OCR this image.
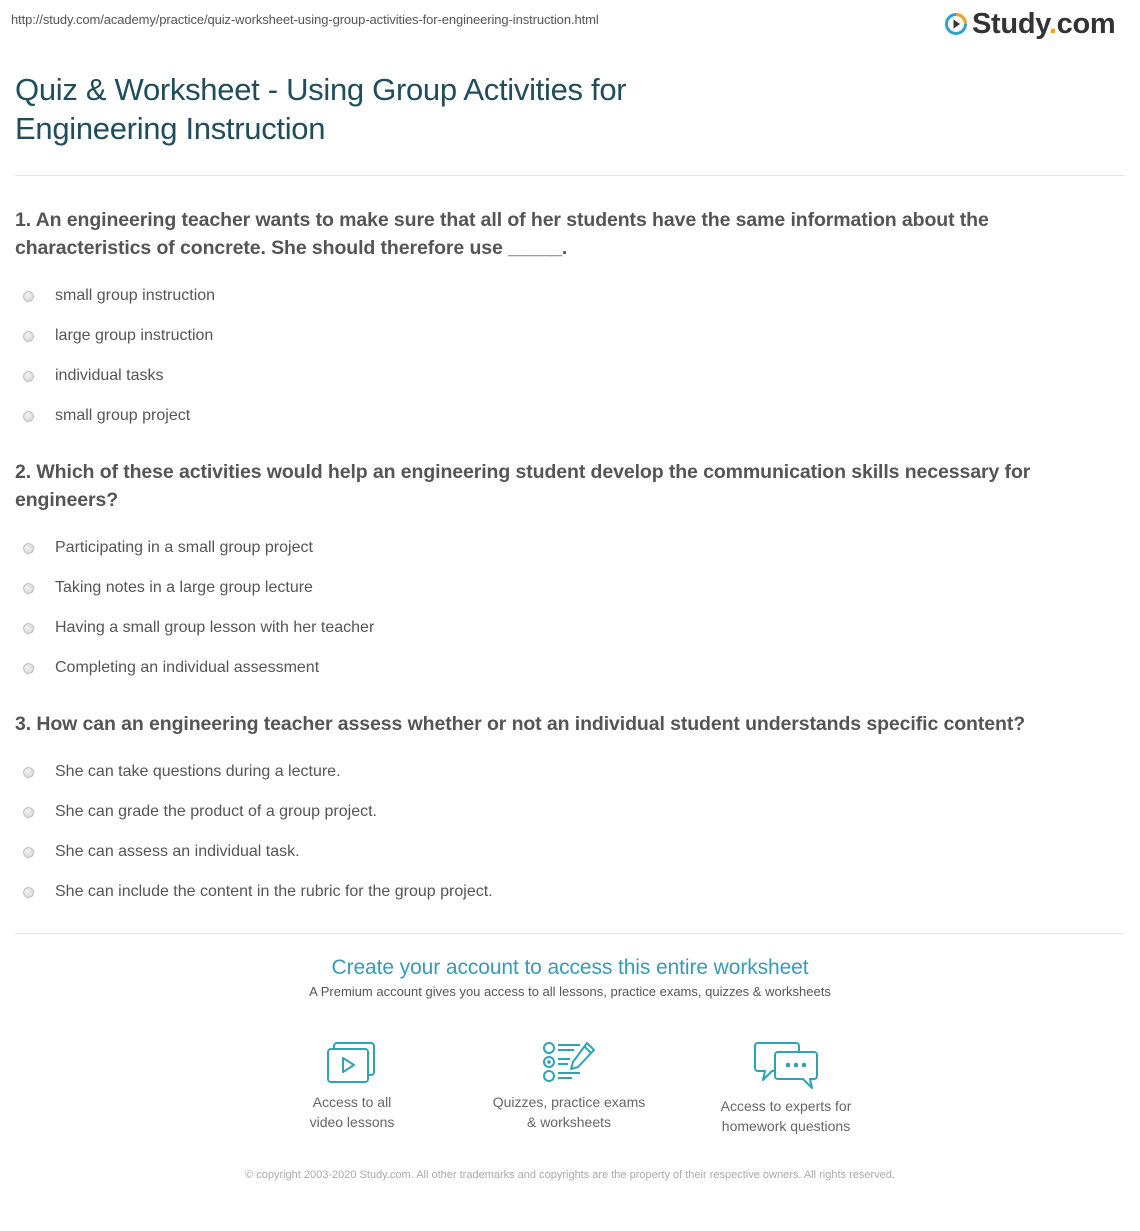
http://study.com/academy/practice/quiz-worksheet-using-group-activities-for-engineering-instruction.html	Study.com
Quiz & Worksheet - Using Group Activities for Engineering Instruction
1. An engineering teacher wants to make sure that all of her students have the same information about the characteristics of concrete. She should therefore use _____.
small group instruction
large group instruction
individual tasks
small group project
2. Which of these activities would help an engineering student develop the communication skills necessary for engineers?
Participating in a small group project
Taking notes in a large group lecture
Having a small group lesson with her teacher
Completing an individual assessment
3. How can an engineering teacher assess whether or not an individual student understands specific content?
She can take questions during a lecture.
She can grade the product of a group project.
She can assess an individual task.
She can include the content in the rubric for the group project.
Create your account to access this entire worksheet
A Premium account gives you access to all lessons, practice exams, quizzes & worksheets
Access to all
video lessons
Quizzes, practice exams
& worksheets
Access to experts for
homework questions
© copyright 2003-2020 Study.com. All other trademarks and copyrights are the property of their respective owners. All rights reserved.
